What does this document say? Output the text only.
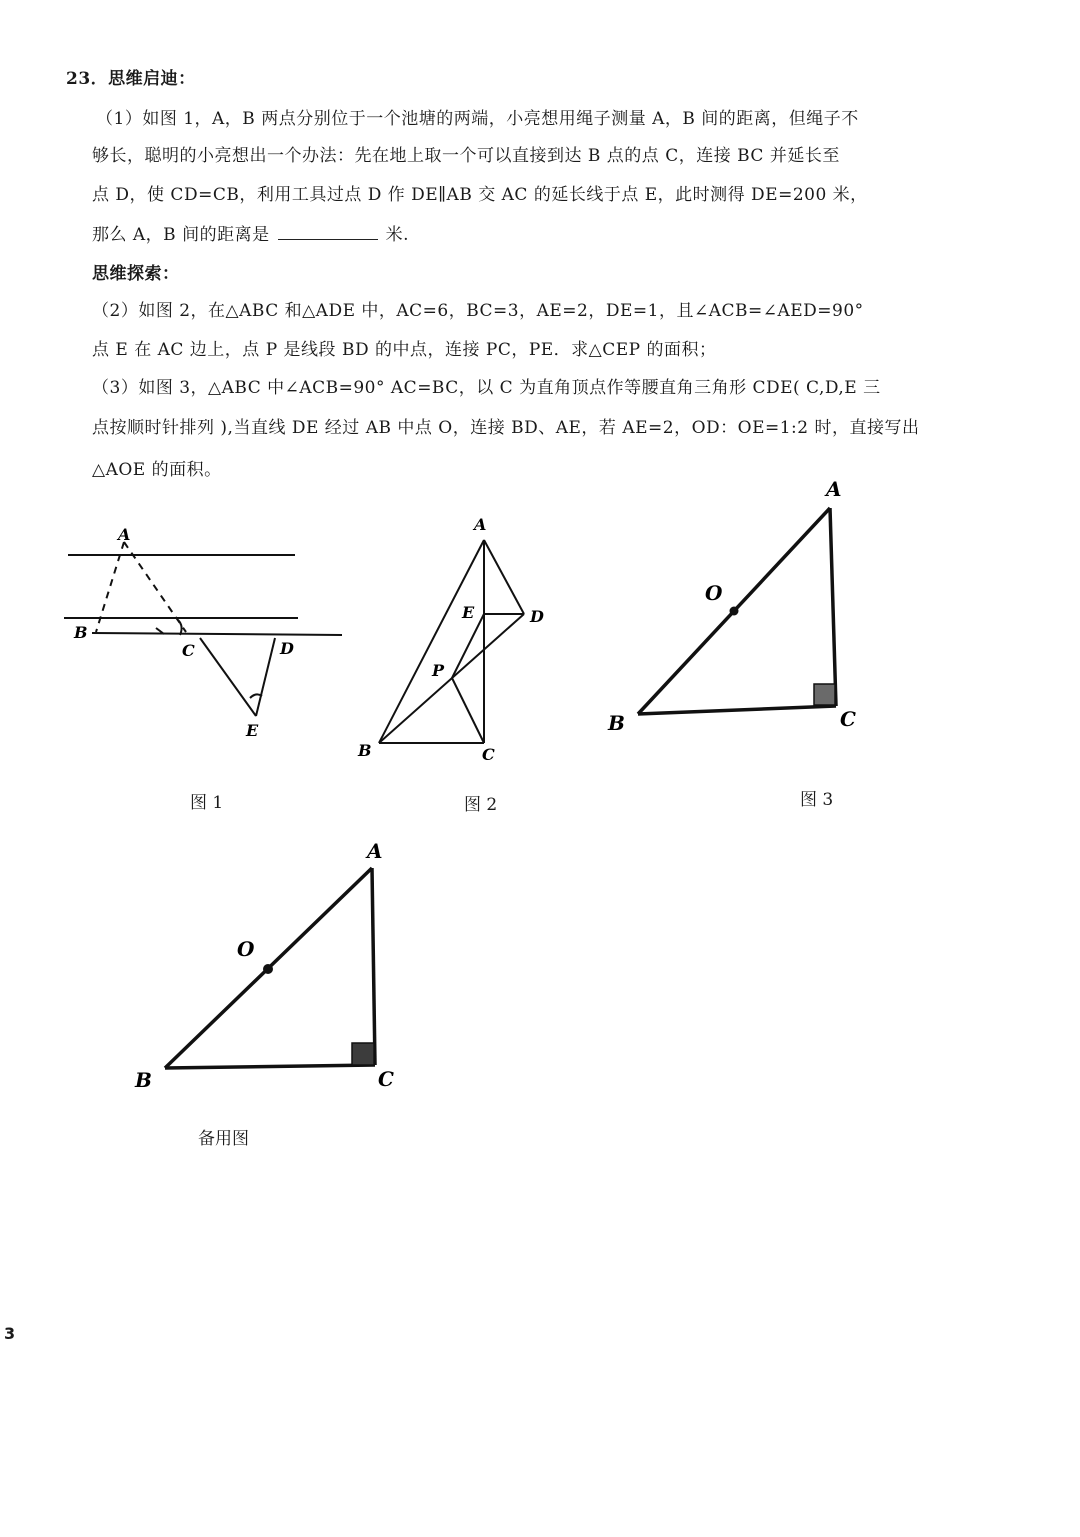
23．思维启迪：
（1）如图 1，A，B 两点分别位于一个池塘的两端，小亮想用绳子测量 A，B 间的距离，但绳子不
够长，聪明的小亮想出一个办法：先在地上取一个可以直接到达 B 点的点 C，连接 BC 并延长至
点 D，使 CD=CB，利用工具过点 D 作 DE∥AB 交 AC 的延长线于点 E，此时测得 DE=200 米，
那么 A，B 间的距离是	米.
思维探索：
（2）如图 2，在△ABC 和△ADE 中，AC=6，BC=3，AE=2，DE=1，且∠ACB=∠AED=90°
点 E 在 AC 边上，点 P 是线段 BD 的中点，连接 PC，PE．求△CEP 的面积；
（3）如图 3，△ABC 中∠ACB=90° AC=BC，以 C 为直角顶点作等腰直角三角形 CDE( C,D,E 三
点按顺时针排列 ),当直线 DE 经过 AB 中点 O，连接 BD、AE，若 AE=2，OD：OE=1:2 时，直接写出
△AOE 的面积。
A
B
C	D
E
图 1
A
E	D
P
B	C
图 2
A
O
B	C
图 3
A
O
B	C
备用图
3
